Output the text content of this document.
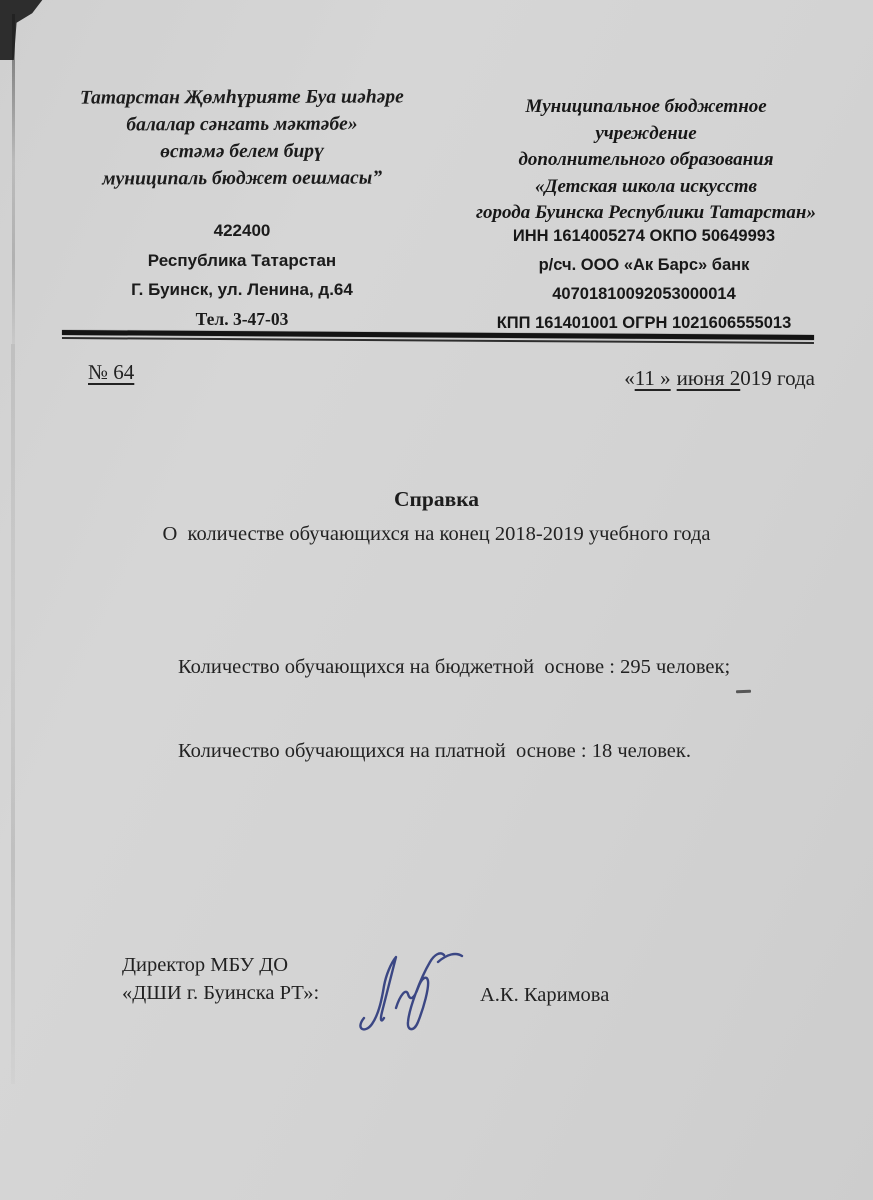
Татарстан Җөмһүрияте Буа шәһәре
балалар сәнгать мәктәбе»
өстәмә белем бирү
муниципаль бюджет оешмасы”
Муниципальное бюджетное
учреждение
дополнительного образования
«Детская школа искусств
города Буинска Республики Татарстан»
422400
Республика Татарстан
Г. Буинск, ул. Ленина, д.64
Тел. 3-47-03
ИНН 1614005274 ОКПО 50649993
р/сч. ООО «Ак Барс» банк
40701810092053000014
КПП 161401001 ОГРН 1021606555013
№ 64	«11 » июня 2019 года
Справка
О  количестве обучающихся на конец 2018-2019 учебного года

Количество обучающихся на бюджетной  основе : 295 человек;

Количество обучающихся на платной  основе : 18 человек.

Директор МБУ ДО
«ДШИ г. Буинска РТ»:	А.К. Каримова
